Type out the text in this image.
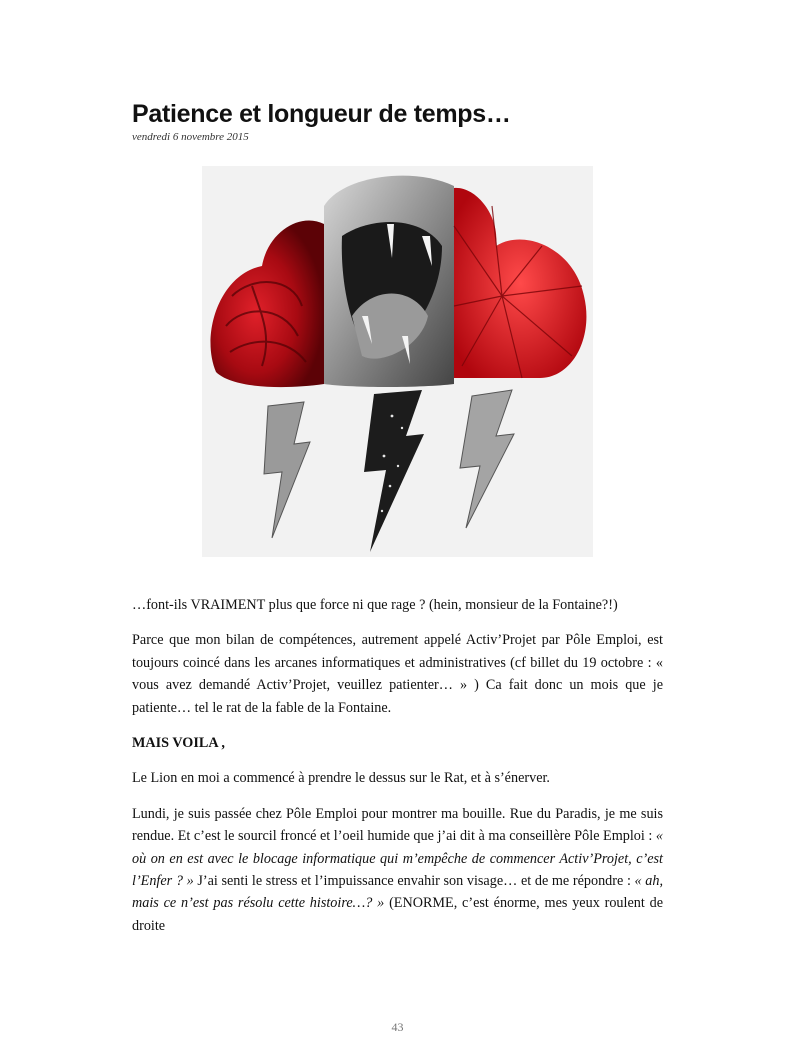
Patience et longueur de temps…
vendredi 6 novembre 2015

…font-ils VRAIMENT plus que force ni que rage ? (hein, monsieur de la Fontaine?!)

Parce que mon bilan de compétences, autrement appelé Activ’Projet par Pôle Emploi, est toujours coincé dans les arcanes informatiques et administratives (cf billet du 19 octobre : « vous avez demandé Activ’Projet, veuillez patienter… » ) Ca fait donc un mois que je patiente… tel le rat de la fable de la Fontaine.

MAIS VOILA ,

Le Lion en moi a commencé à prendre le dessus sur le Rat, et à s’énerver.

Lundi, je suis passée chez Pôle Emploi pour montrer ma bouille. Rue du Paradis, je me suis rendue. Et c’est le sourcil froncé et l’oeil humide que j’ai dit à ma conseillère Pôle Emploi : « où on en est avec le blocage informatique qui m’empêche de commencer Activ’Projet, c’est l’Enfer ? » J’ai senti le stress et l’impuissance envahir son visage… et de me répondre : « ah, mais ce n’est pas résolu cette histoire…? » (ENORME, c’est énorme, mes yeux roulent de droite

43
